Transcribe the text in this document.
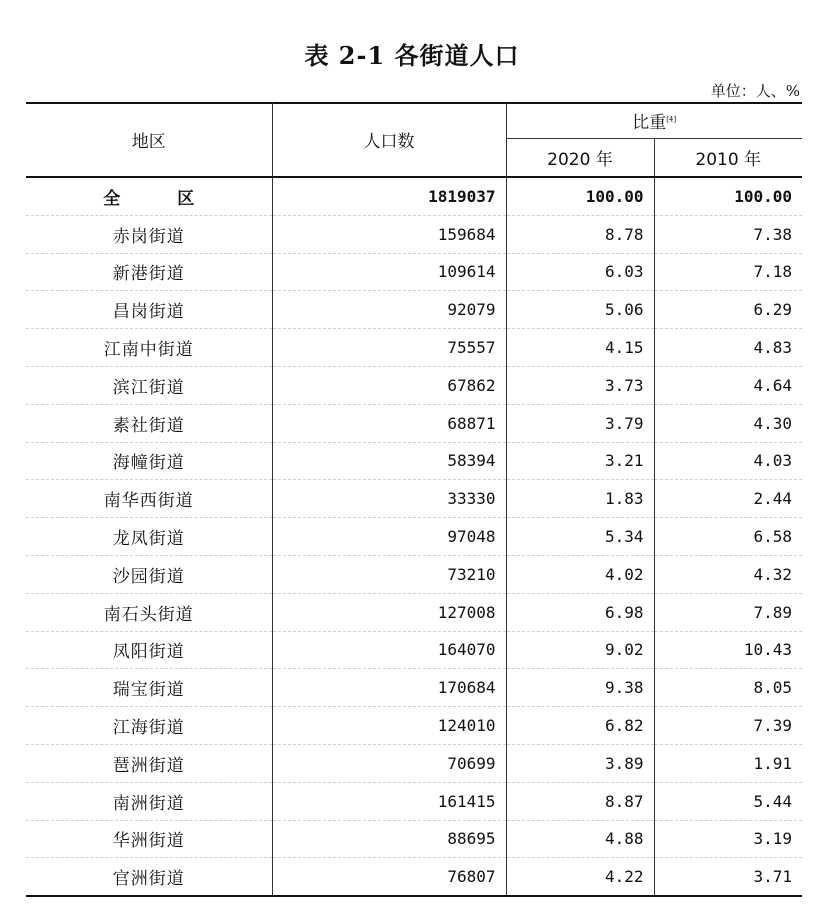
表 2-1 各街道人口
单位：人、%
地区	人口数	比重[4]
		2020 年	2010 年
全　区	1819037	100.00	100.00
赤岗街道	159684	8.78	7.38
新港街道	109614	6.03	7.18
昌岗街道	92079	5.06	6.29
江南中街道	75557	4.15	4.83
滨江街道	67862	3.73	4.64
素社街道	68871	3.79	4.30
海幢街道	58394	3.21	4.03
南华西街道	33330	1.83	2.44
龙凤街道	97048	5.34	6.58
沙园街道	73210	4.02	4.32
南石头街道	127008	6.98	7.89
凤阳街道	164070	9.02	10.43
瑞宝街道	170684	9.38	8.05
江海街道	124010	6.82	7.39
琶洲街道	70699	3.89	1.91
南洲街道	161415	8.87	5.44
华洲街道	88695	4.88	3.19
官洲街道	76807	4.22	3.71
